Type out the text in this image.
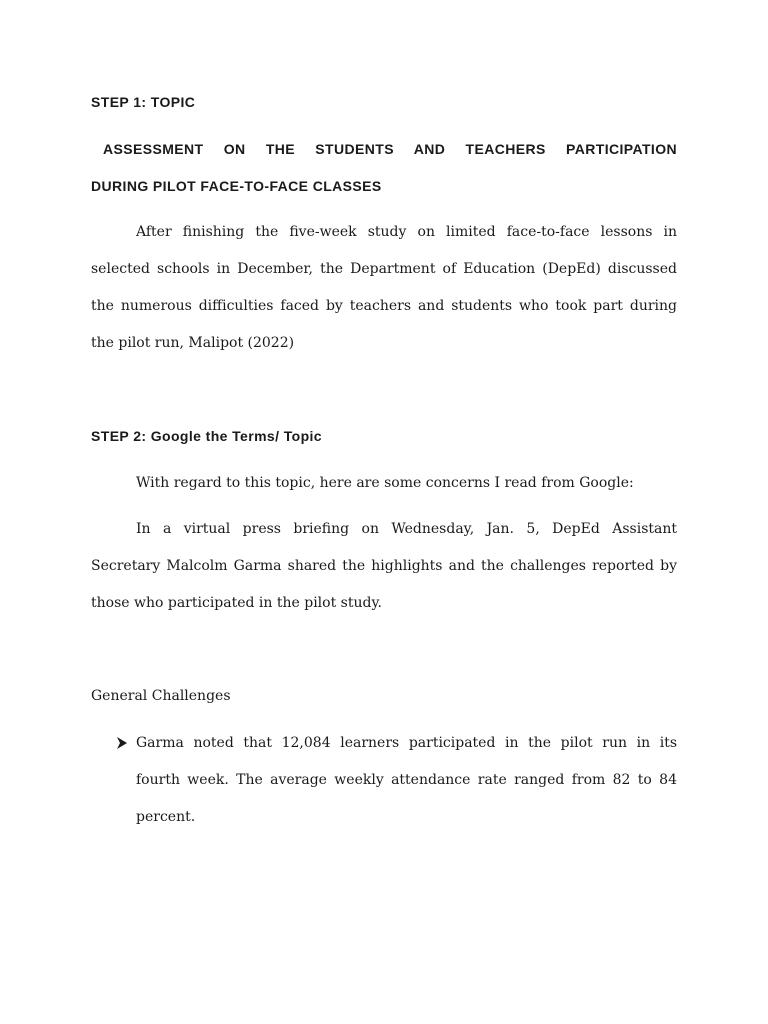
STEP 1: TOPIC

ASSESSMENT ON THE STUDENTS AND TEACHERS PARTICIPATION

DURING PILOT FACE-TO-FACE CLASSES

After finishing the five-week study on limited face-to-face lessons in

selected schools in December, the Department of Education (DepEd) discussed

the numerous difficulties faced by teachers and students who took part during

the pilot run, Malipot (2022)

STEP 2: Google the Terms/ Topic

With regard to this topic, here are some concerns I read from Google:

In a virtual press briefing on Wednesday, Jan. 5, DepEd Assistant

Secretary Malcolm Garma shared the highlights and the challenges reported by

those who participated in the pilot study.

General Challenges

Garma noted that 12,084 learners participated in the pilot run in its

fourth week. The average weekly attendance rate ranged from 82 to 84

percent.
